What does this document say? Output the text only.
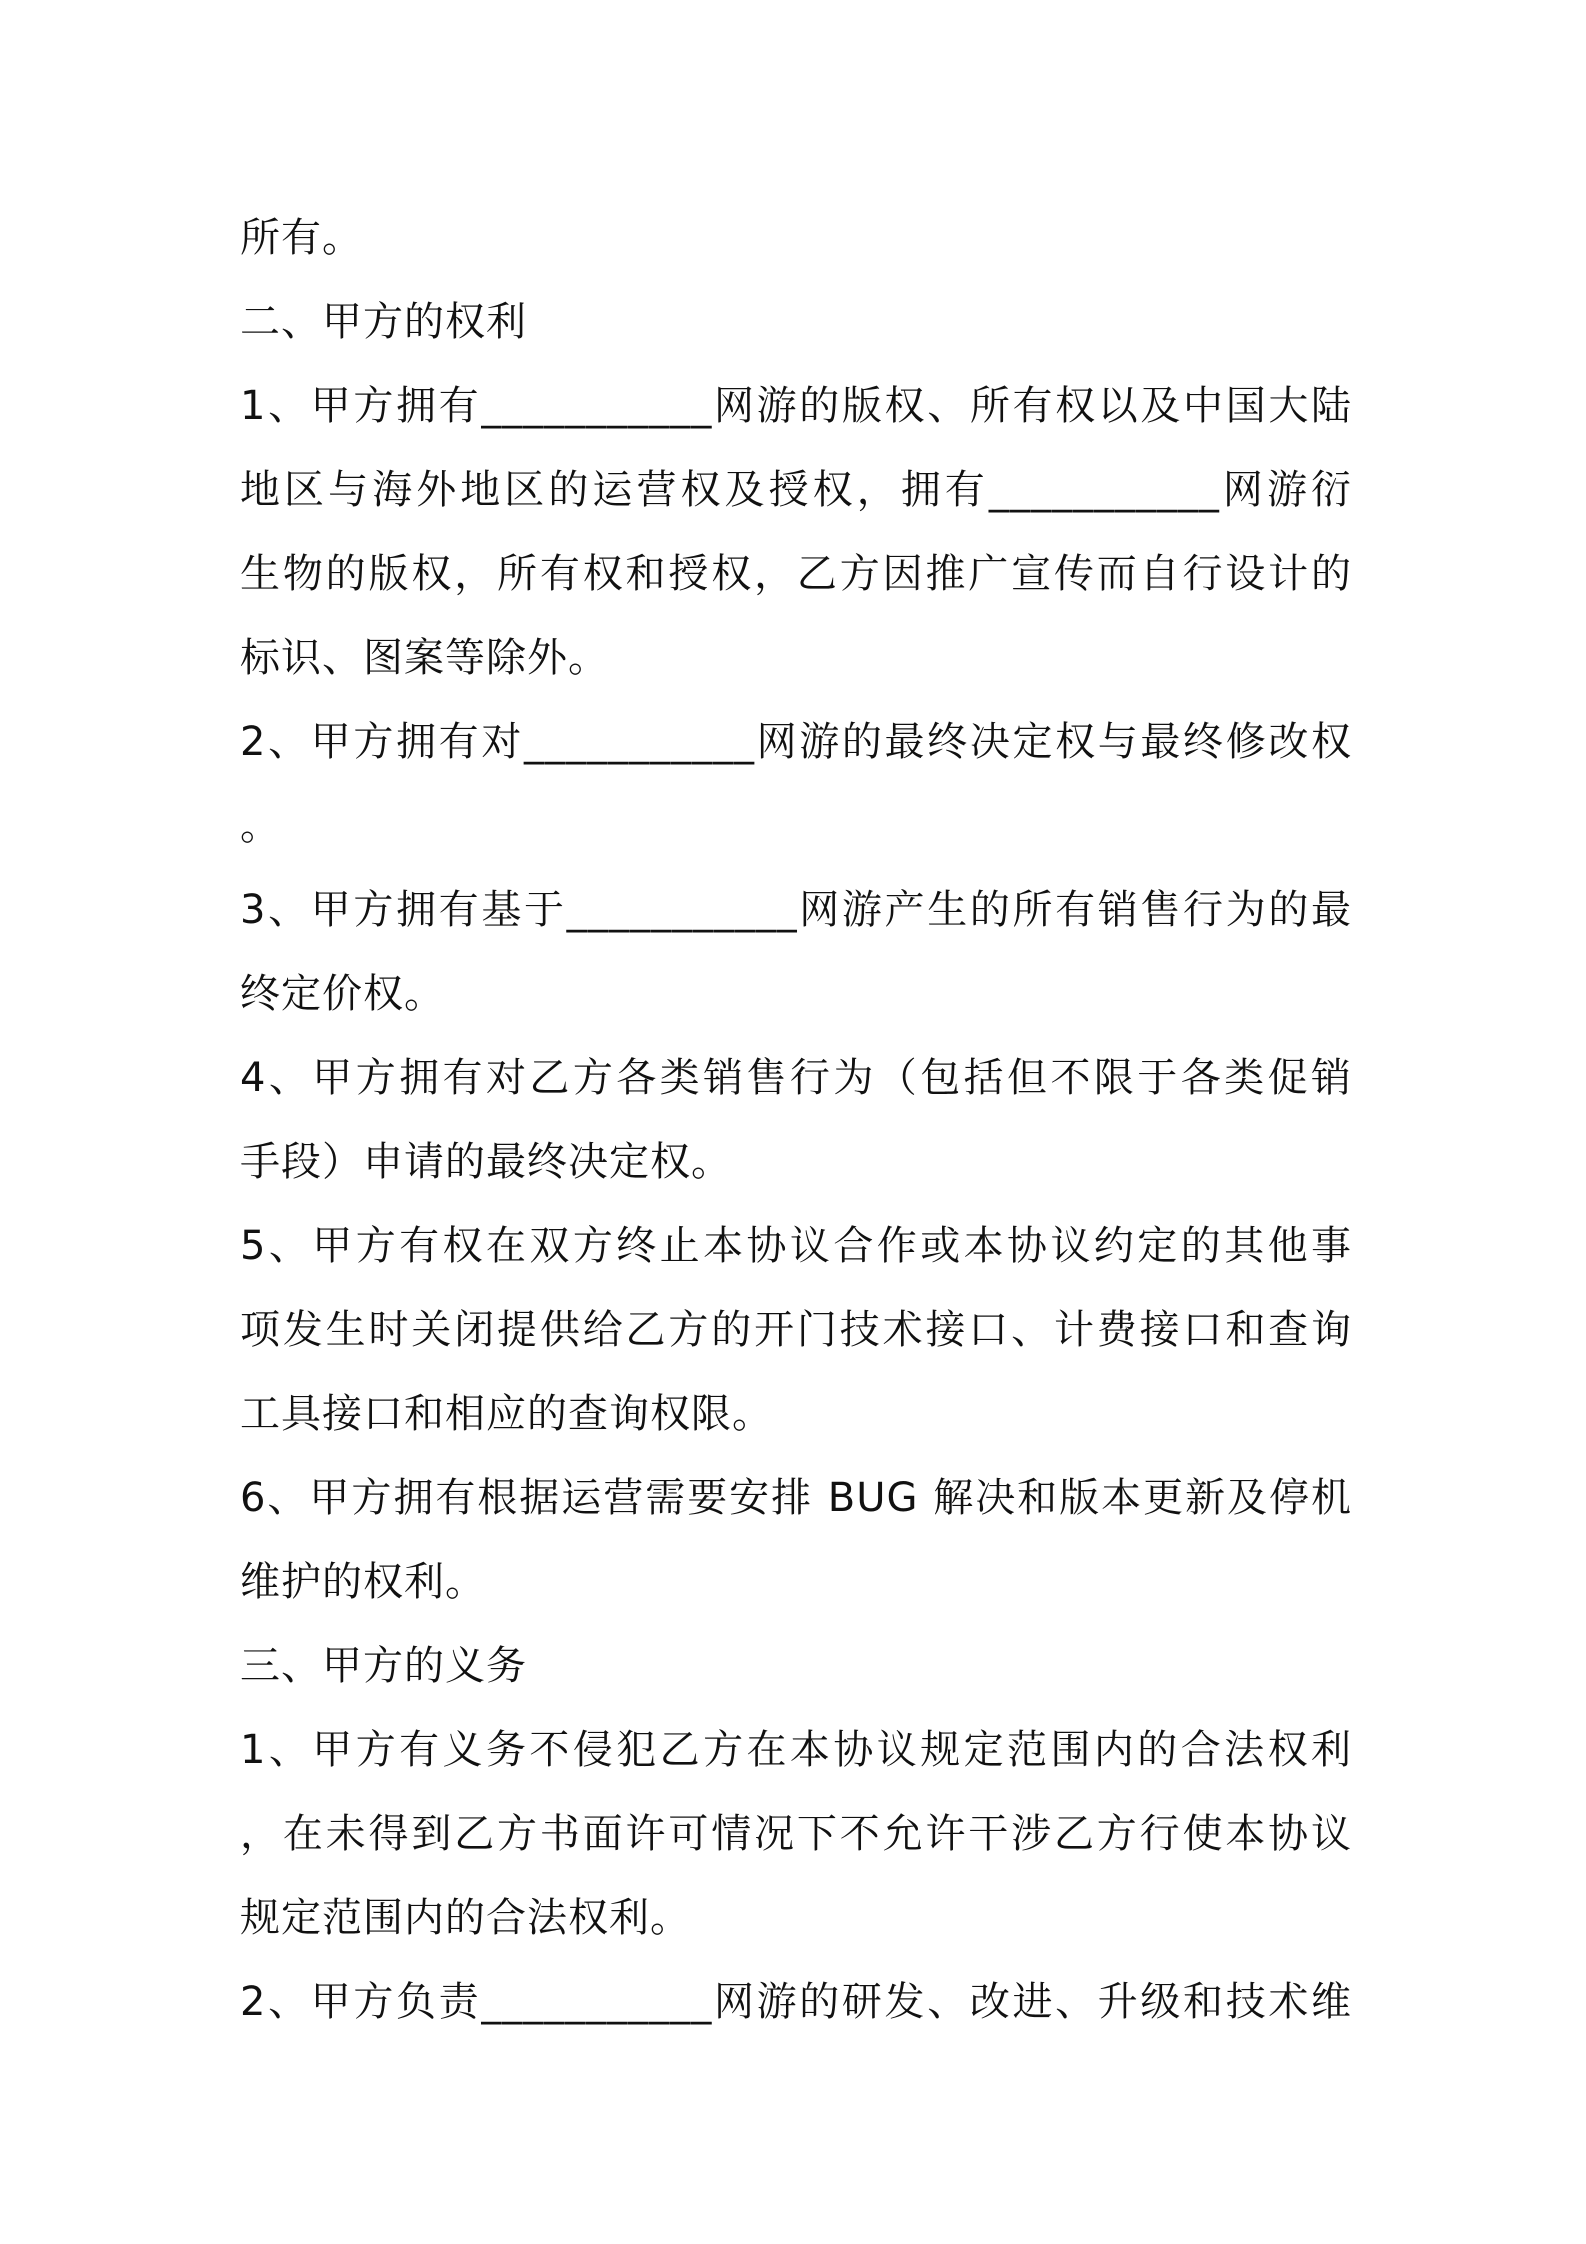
所有。
二、甲方的权利
1、甲方拥有___________网游的版权、所有权以及中国大陆
地区与海外地区的运营权及授权，拥有___________网游衍
生物的版权，所有权和授权，乙方因推广宣传而自行设计的
标识、图案等除外。
2、甲方拥有对___________网游的最终决定权与最终修改权
。
3、甲方拥有基于___________网游产生的所有销售行为的最
终定价权。
4、甲方拥有对乙方各类销售行为（包括但不限于各类促销
手段）申请的最终决定权。
5、甲方有权在双方终止本协议合作或本协议约定的其他事
项发生时关闭提供给乙方的开门技术接口、计费接口和查询
工具接口和相应的查询权限。
6、甲方拥有根据运营需要安排 BUG 解决和版本更新及停机
维护的权利。
三、甲方的义务
1、甲方有义务不侵犯乙方在本协议规定范围内的合法权利
，在未得到乙方书面许可情况下不允许干涉乙方行使本协议
规定范围内的合法权利。
2、甲方负责___________网游的研发、改进、升级和技术维
